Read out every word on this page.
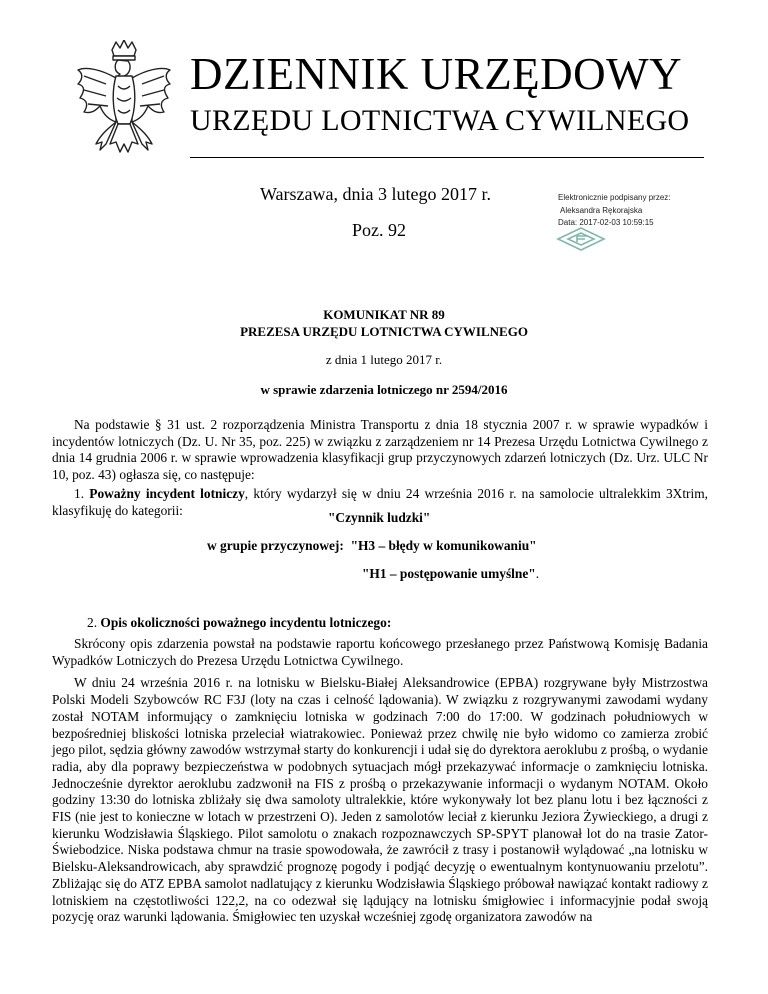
DZIENNIK URZĘDOWY
URZĘDU LOTNICTWA CYWILNEGO
Warszawa, dnia 3 lutego 2017 r.
Poz. 92
Elektronicznie podpisany przez:
Aleksandra Rękorajska
Data: 2017-02-03 10:59:15
KOMUNIKAT NR 89
PREZESA URZĘDU LOTNICTWA CYWILNEGO
z dnia 1 lutego 2017 r.
w sprawie zdarzenia lotniczego nr 2594/2016

Na podstawie § 31 ust. 2 rozporządzenia Ministra Transportu z dnia 18 stycznia 2007 r. w sprawie wypadków i incydentów lotniczych (Dz. U. Nr 35, poz. 225) w związku z zarządzeniem nr 14 Prezesa Urzędu Lotnictwa Cywilnego z dnia 14 grudnia 2006 r. w sprawie wprowadzenia klasyfikacji grup przyczynowych zdarzeń lotniczych (Dz. Urz. ULC Nr 10, poz. 43) ogłasza się, co następuje:

1. Poważny incydent lotniczy, który wydarzył się w dniu 24 września 2016 r. na samolocie ultralekkim 3Xtrim, klasyfikuję do kategorii:	"Czynnik ludzki"
w grupie przyczynowej: "H3 – błędy w komunikowaniu"
"H1 – postępowanie umyślne".
2. Opis okoliczności poważnego incydentu lotniczego:

Skrócony opis zdarzenia powstał na podstawie raportu końcowego przesłanego przez Państwową Komisję Badania Wypadków Lotniczych do Prezesa Urzędu Lotnictwa Cywilnego.

W dniu 24 września 2016 r. na lotnisku w Bielsku-Białej Aleksandrowice (EPBA) rozgrywane były Mistrzostwa Polski Modeli Szybowców RC F3J (loty na czas i celność lądowania). W związku z rozgrywanymi zawodami wydany został NOTAM informujący o zamknięciu lotniska w godzinach 7:00 do 17:00. W godzinach południowych w bezpośredniej bliskości lotniska przeleciał wiatrakowiec. Ponieważ przez chwilę nie było widomo co zamierza zrobić jego pilot, sędzia główny zawodów wstrzymał starty do konkurencji i udał się do dyrektora aeroklubu z prośbą, o wydanie radia, aby dla poprawy bezpieczeństwa w podobnych sytuacjach mógł przekazywać informacje o zamknięciu lotniska. Jednocześnie dyrektor aeroklubu zadzwonił na FIS z prośbą o przekazywanie informacji o wydanym NOTAM. Około godziny 13:30 do lotniska zbliżały się dwa samoloty ultralekkie, które wykonywały lot bez planu lotu i bez łączności z FIS (nie jest to konieczne w lotach w przestrzeni O). Jeden z samolotów leciał z kierunku Jeziora Żywieckiego, a drugi z kierunku Wodzisławia Śląskiego. Pilot samolotu o znakach rozpoznawczych SP-SPYT planował lot do na trasie Zator-Świebodzice. Niska podstawa chmur na trasie spowodowała, że zawrócił z trasy i postanowił wylądować „na lotnisku w Bielsku-Aleksandrowicach, aby sprawdzić prognozę pogody i podjąć decyzję o ewentualnym kontynuowaniu przelotu”. Zbliżając się do ATZ EPBA samolot nadlatujący z kierunku Wodzisławia Śląskiego próbował nawiązać kontakt radiowy z lotniskiem na częstotliwości 122,2, na co odezwał się lądujący na lotnisku śmigłowiec i informacyjnie podał swoją pozycję oraz warunki lądowania. Śmigłowiec ten uzyskał wcześniej zgodę organizatora zawodów na
